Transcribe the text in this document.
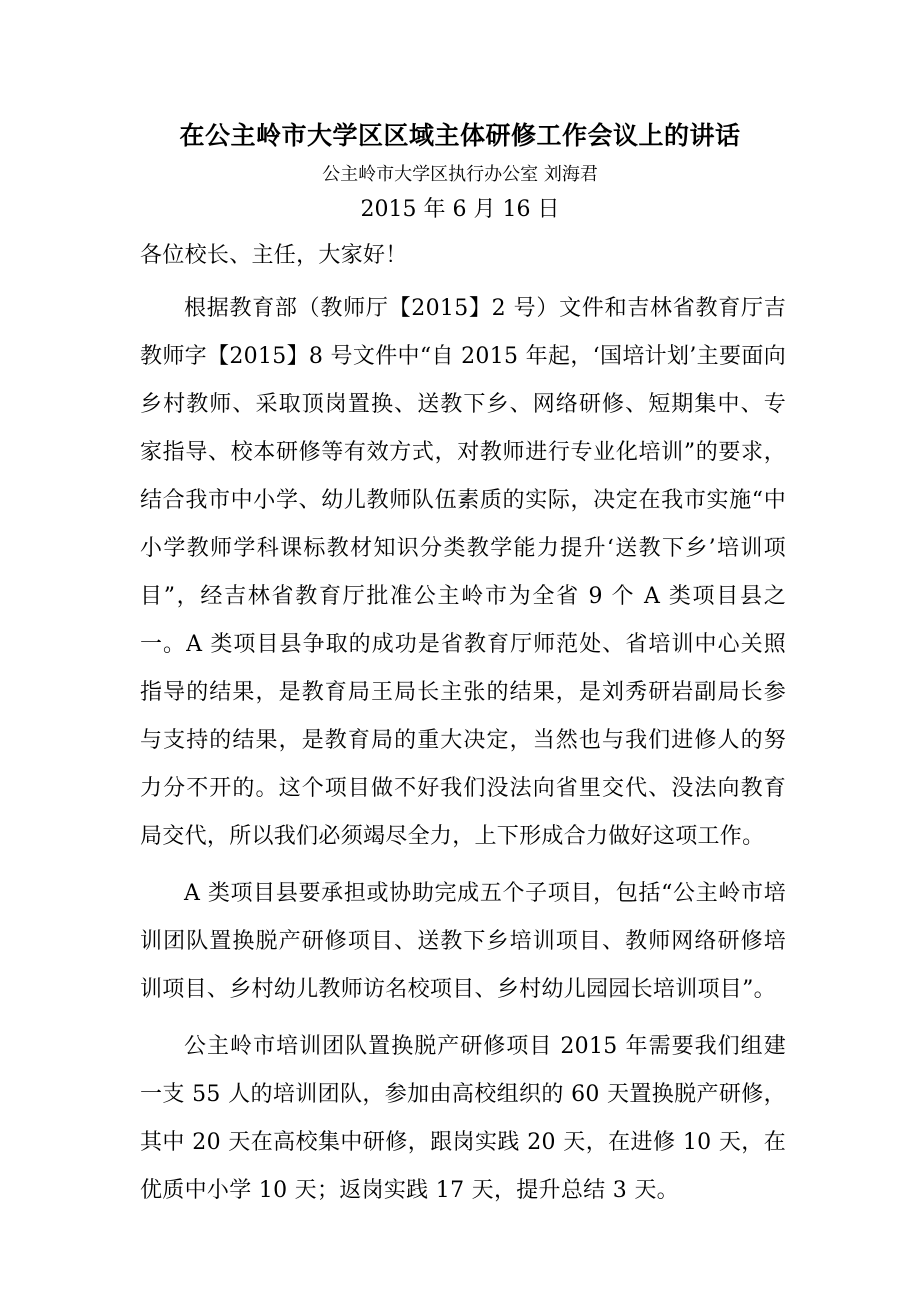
在公主岭市大学区区域主体研修工作会议上的讲话

公主岭市大学区执行办公室 刘海君

2015 年 6 月 16 日

各位校长、主任，大家好！

根据教育部（教师厅【2015】2 号）文件和吉林省教育厅吉教师字【2015】8 号文件中“自 2015 年起，‘国培计划’主要面向乡村教师、采取顶岗置换、送教下乡、网络研修、短期集中、专家指导、校本研修等有效方式，对教师进行专业化培训”的要求，结合我市中小学、幼儿教师队伍素质的实际，决定在我市实施“中小学教师学科课标教材知识分类教学能力提升‘送教下乡’培训项目”，经吉林省教育厅批准公主岭市为全省 9 个 A 类项目县之一。A 类项目县争取的成功是省教育厅师范处、省培训中心关照指导的结果，是教育局王局长主张的结果，是刘秀研岩副局长参与支持的结果，是教育局的重大决定，当然也与我们进修人的努力分不开的。这个项目做不好我们没法向省里交代、没法向教育局交代，所以我们必须竭尽全力，上下形成合力做好这项工作。

A 类项目县要承担或协助完成五个子项目，包括“公主岭市培训团队置换脱产研修项目、送教下乡培训项目、教师网络研修培训项目、乡村幼儿教师访名校项目、乡村幼儿园园长培训项目”。

公主岭市培训团队置换脱产研修项目 2015 年需要我们组建一支 55 人的培训团队，参加由高校组织的 60 天置换脱产研修，其中 20 天在高校集中研修，跟岗实践 20 天，在进修 10 天，在优质中小学 10 天；返岗实践 17 天，提升总结 3 天。
